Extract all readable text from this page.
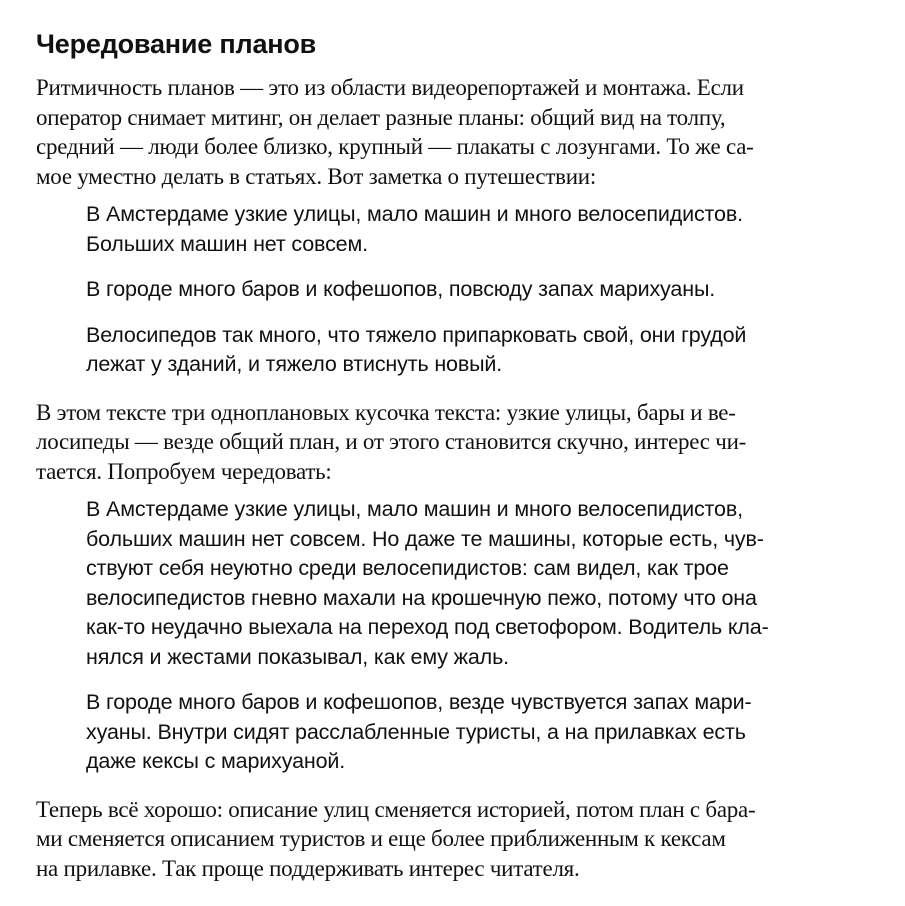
Чередование планов

Ритмичность планов — это из области видеорепортажей и монтажа. Если
оператор снимает митинг, он делает разные планы: общий вид на толпу,
средний — люди более близко, крупный — плакаты с лозунгами. То же са-
мое уместно делать в статьях. Вот заметка о путешествии:

В Амстердаме узкие улицы, мало машин и много велосепидистов.
Больших машин нет совсем.

В городе много баров и кофешопов, повсюду запах марихуаны.

Велосипедов так много, что тяжело припарковать свой, они грудой
лежат у зданий, и тяжело втиснуть новый.

В этом тексте три одноплановых кусочка текста: узкие улицы, бары и ве-
лосипеды — везде общий план, и от этого становится скучно, интерес чи-
тается. Попробуем чередовать:

В Амстердаме узкие улицы, мало машин и много велосепидистов,
больших машин нет совсем. Но даже те машины, которые есть, чув-
ствуют себя неуютно среди велосепидистов: сам видел, как трое
велосипедистов гневно махали на крошечную пежо, потому что она
как-то неудачно выехала на переход под светофором. Водитель кла-
нялся и жестами показывал, как ему жаль.

В городе много баров и кофешопов, везде чувствуется запах мари-
хуаны. Внутри сидят расслабленные туристы, а на прилавках есть
даже кексы с марихуаной.

Теперь всё хорошо: описание улиц сменяется историей, потом план с бара-
ми сменяется описанием туристов и еще более приближенным к кексам
на прилавке. Так проще поддерживать интерес читателя.
